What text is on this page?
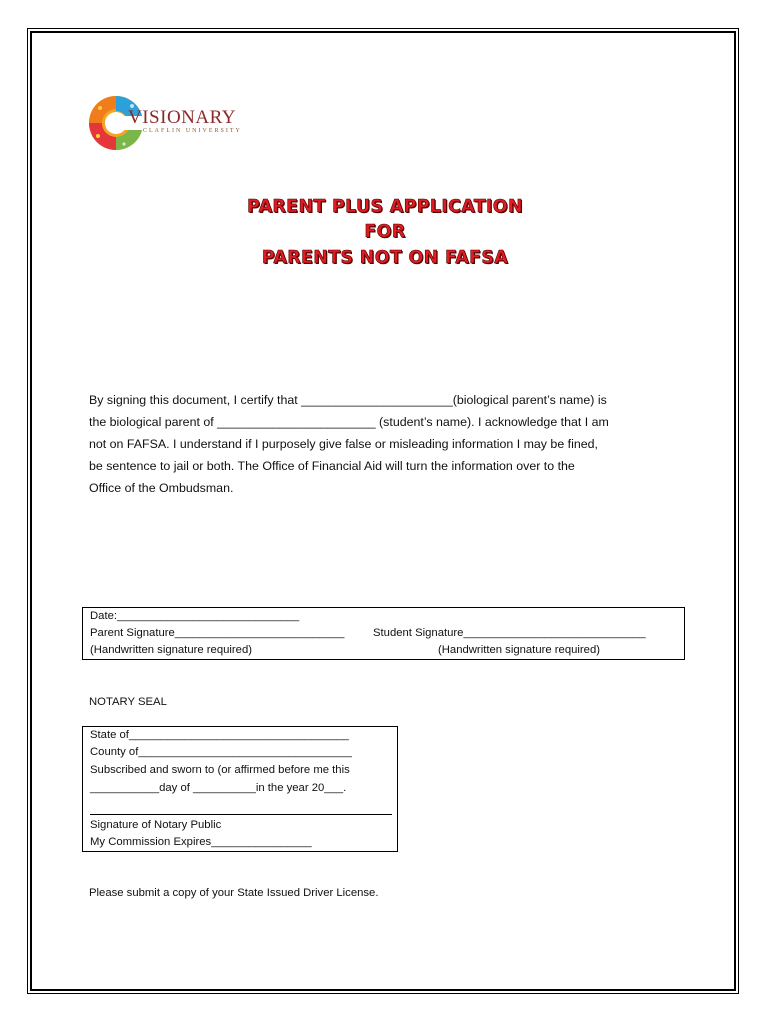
VISIONARY
CLAFLIN UNIVERSITY
PARENT PLUS APPLICATION
FOR
PARENTS NOT ON FAFSA
By signing this document, I certify that ______________________(biological parent’s name) is
the biological parent of _______________________ (student’s name). I acknowledge that I am
not on FAFSA. I understand if I purposely give false or misleading information I may be fined,
be sentence to jail or both. The Office of Financial Aid will turn the information over to the
Office of the Ombudsman.
Date:_____________________________
Parent Signature___________________________	Student Signature_____________________________
(Handwritten signature required)	(Handwritten signature required)
NOTARY SEAL
State of___________________________________
County of__________________________________
Subscribed and sworn to (or affirmed before me this
___________day of __________in the year 20___.
Signature of Notary Public
My Commission Expires________________
Please submit a copy of your State Issued Driver License.
